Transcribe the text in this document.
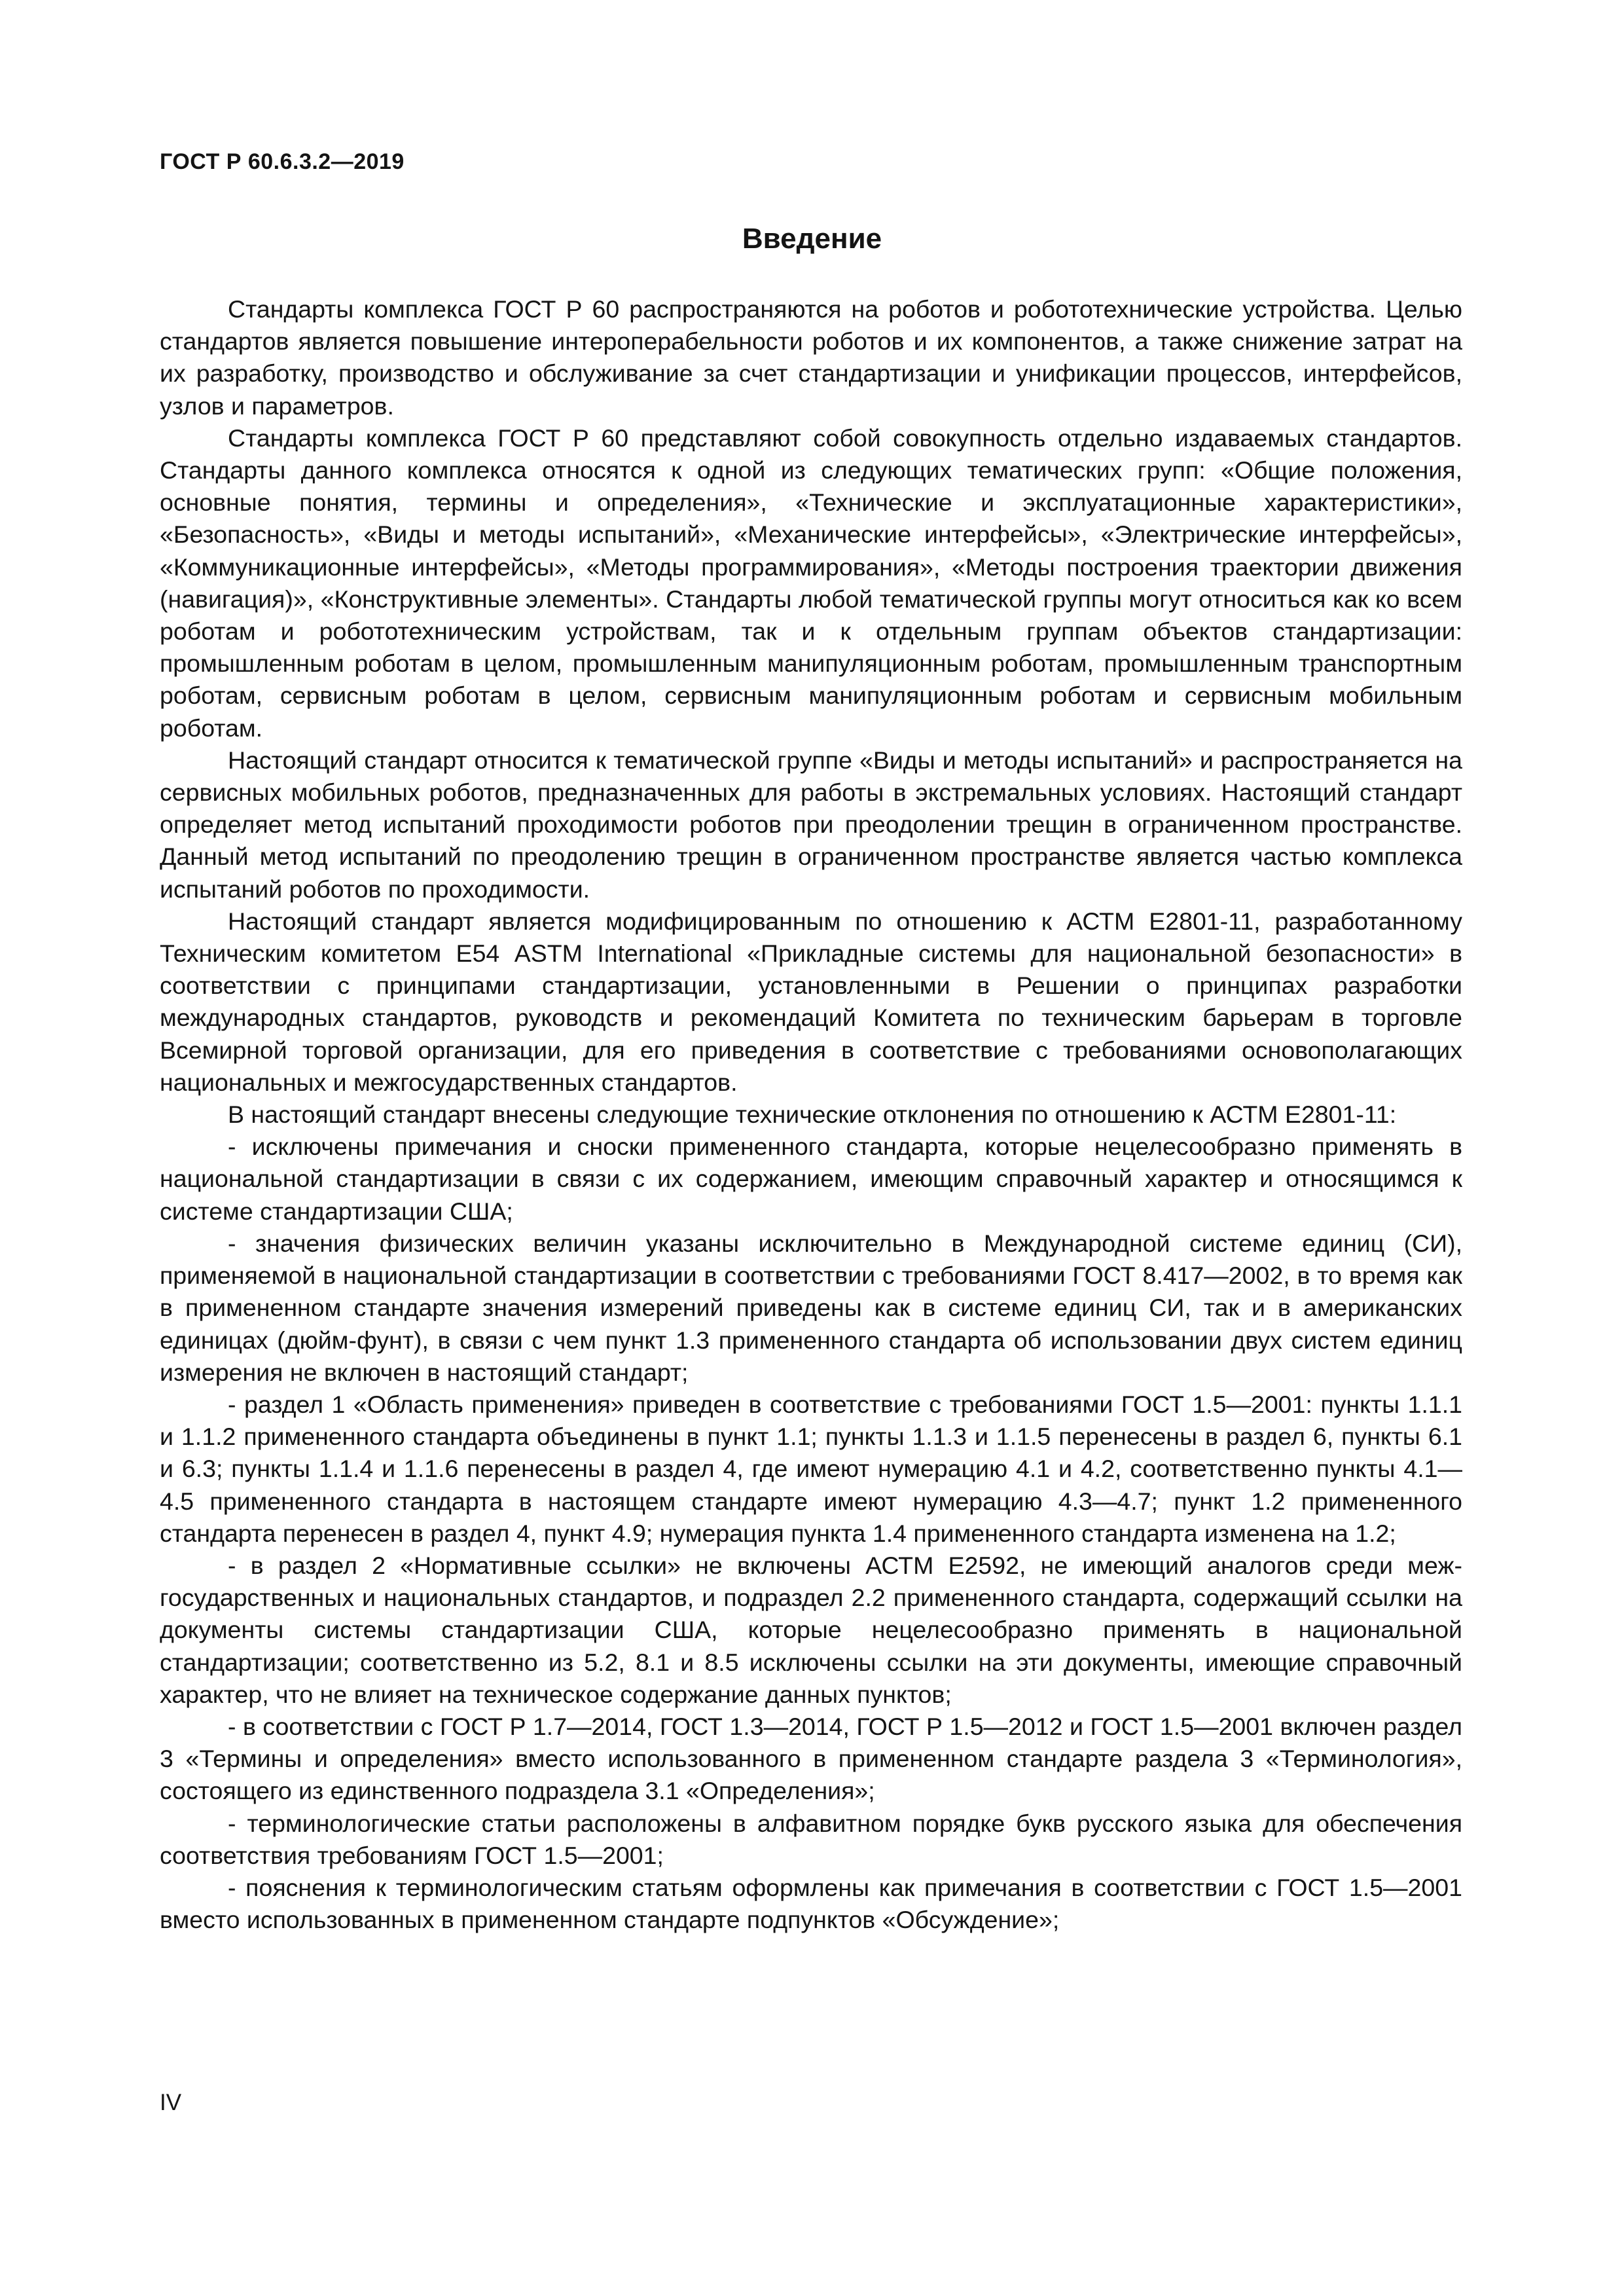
ГОСТ Р 60.6.3.2—2019
Введение

Стандарты комплекса ГОСТ Р 60 распространяются на роботов и робототехнические устройства. Целью стандартов является повышение интероперабельности роботов и их компонентов, а также снижение затрат на их разработку, производство и обслуживание за счет стандартизации и унификации процессов, интерфейсов, узлов и параметров.

Стандарты комплекса ГОСТ Р 60 представляют собой совокупность отдельно издаваемых стандартов. Стандарты данного комплекса относятся к одной из следующих тематических групп: «Общие положения, основные понятия, термины и определения», «Технические и эксплуатационные характеристики», «Безопасность», «Виды и методы испытаний», «Механические интерфейсы», «Электрические интерфейсы», «Коммуникационные интерфейсы», «Методы программирования», «Методы построения траектории движения (навигация)», «Конструктивные элементы». Стандарты любой тематической группы могут относиться как ко всем роботам и робототехническим устройствам, так и к отдельным группам объектов стандартизации: промышленным роботам в целом, промышленным манипуляционным роботам, промышленным транспортным роботам, сервисным роботам в целом, сервисным манипуляционным роботам и сервисным мобильным роботам.

Настоящий стандарт относится к тематической группе «Виды и методы испытаний» и распространяется на сервисных мобильных роботов, предназначенных для работы в экстремальных условиях. Настоящий стандарт определяет метод испытаний проходимости роботов при преодолении трещин в ограниченном пространстве. Данный метод испытаний по преодолению трещин в ограниченном пространстве является частью комплекса испытаний роботов по проходимости.

Настоящий стандарт является модифицированным по отношению к АСТМ Е2801-11, разработанному Техническим комитетом Е54 ASTM International «Прикладные системы для национальной безопасности» в соответствии с принципами стандартизации, установленными в Решении о принципах разработки международных стандартов, руководств и рекомендаций Комитета по техническим барьерам в торговле Всемирной торговой организации, для его приведения в соответствие с требованиями основополагающих национальных и межгосударственных стандартов.

В настоящий стандарт внесены следующие технические отклонения по отношению к АСТМ Е2801-11:

- исключены примечания и сноски примененного стандарта, которые нецелесообразно применять в национальной стандартизации в связи с их содержанием, имеющим справочный характер и относящимся к системе стандартизации США;

- значения физических величин указаны исключительно в Международной системе единиц (СИ), применяемой в национальной стандартизации в соответствии с требованиями ГОСТ 8.417—2002, в то время как в примененном стандарте значения измерений приведены как в системе единиц СИ, так и в американских единицах (дюйм-фунт), в связи с чем пункт 1.3 примененного стандарта об использовании двух систем единиц измерения не включен в настоящий стандарт;

- раздел 1 «Область применения» приведен в соответствие с требованиями ГОСТ 1.5—2001: пункты 1.1.1 и 1.1.2 примененного стандарта объединены в пункт 1.1; пункты 1.1.3 и 1.1.5 перенесены в раздел 6, пункты 6.1 и 6.3; пункты 1.1.4 и 1.1.6 перенесены в раздел 4, где имеют нумерацию 4.1 и 4.2, соответственно пункты 4.1—4.5 примененного стандарта в настоящем стандарте имеют нумерацию 4.3—4.7; пункт 1.2 примененного стандарта перенесен в раздел 4, пункт 4.9; нумерация пункта 1.4 примененного стандарта изменена на 1.2;

- в раздел 2 «Нормативные ссылки» не включены АСТМ Е2592, не имеющий аналогов среди межгосударственных и национальных стандартов, и подраздел 2.2 примененного стандарта, содержащий ссылки на документы системы стандартизации США, которые нецелесообразно применять в национальной стандартизации; соответственно из 5.2, 8.1 и 8.5 исключены ссылки на эти документы, имеющие справочный характер, что не влияет на техническое содержание данных пунктов;

- в соответствии с ГОСТ Р 1.7—2014, ГОСТ 1.3—2014, ГОСТ Р 1.5—2012 и ГОСТ 1.5—2001 включен раздел 3 «Термины и определения» вместо использованного в примененном стандарте раздела 3 «Терминология», состоящего из единственного подраздела 3.1 «Определения»;

- терминологические статьи расположены в алфавитном порядке букв русского языка для обеспечения соответствия требованиям ГОСТ 1.5—2001;

- пояснения к терминологическим статьям оформлены как примечания в соответствии с ГОСТ 1.5—2001 вместо использованных в примененном стандарте подпунктов «Обсуждение»;

IV
